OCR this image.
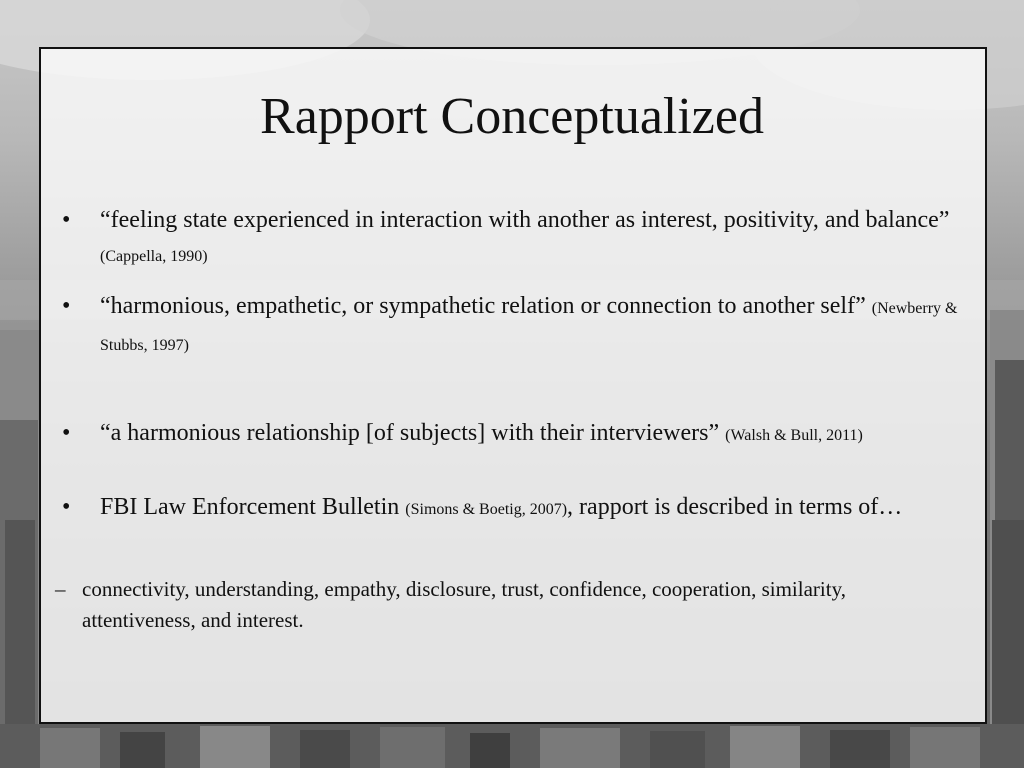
Rapport Conceptualized
•	“feeling state experienced in interaction with another as interest, positivity, and balance” (Cappella, 1990)
•	“harmonious, empathetic, or sympathetic relation or connection to another self” (Newberry & Stubbs, 1997)
•	“a harmonious relationship [of subjects] with their interviewers” (Walsh & Bull, 2011)
•	FBI Law Enforcement Bulletin (Simons & Boetig, 2007), rapport is described in terms of…
– connectivity, understanding, empathy, disclosure, trust, confidence, cooperation, similarity, attentiveness, and interest.
